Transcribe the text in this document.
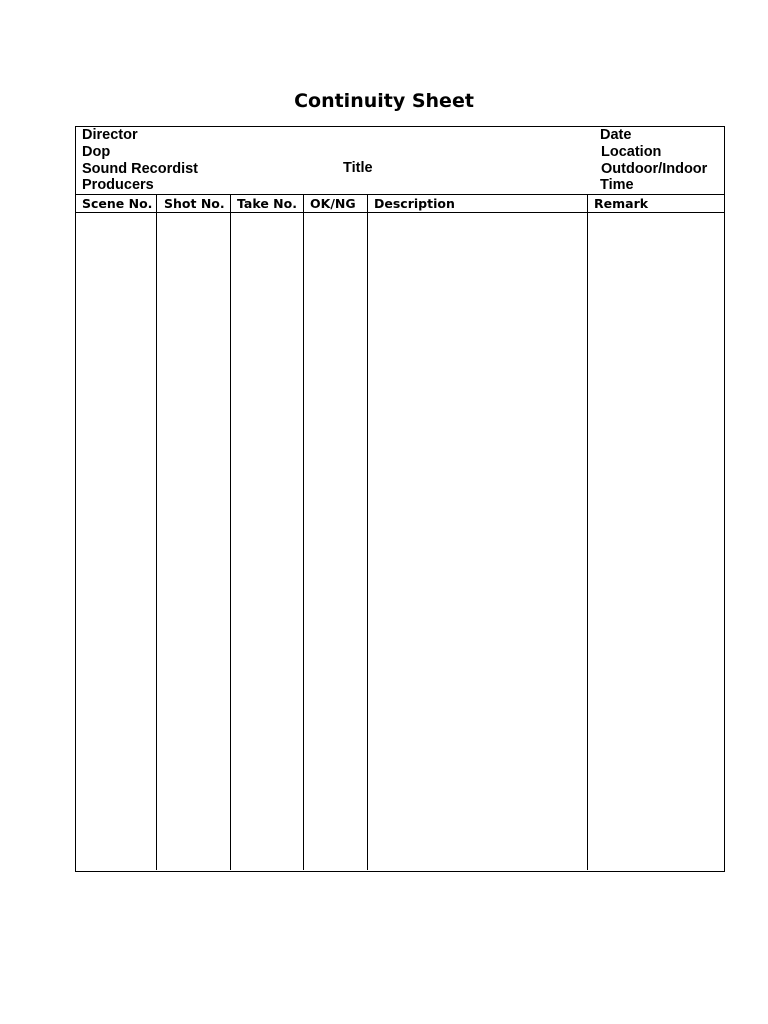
Continuity Sheet
Director
Dop
Sound Recordist
Producers
Title
Date
Location
Outdoor/Indoor
Time
Scene No. Shot No. Take No. OK/NG Description	Remark
